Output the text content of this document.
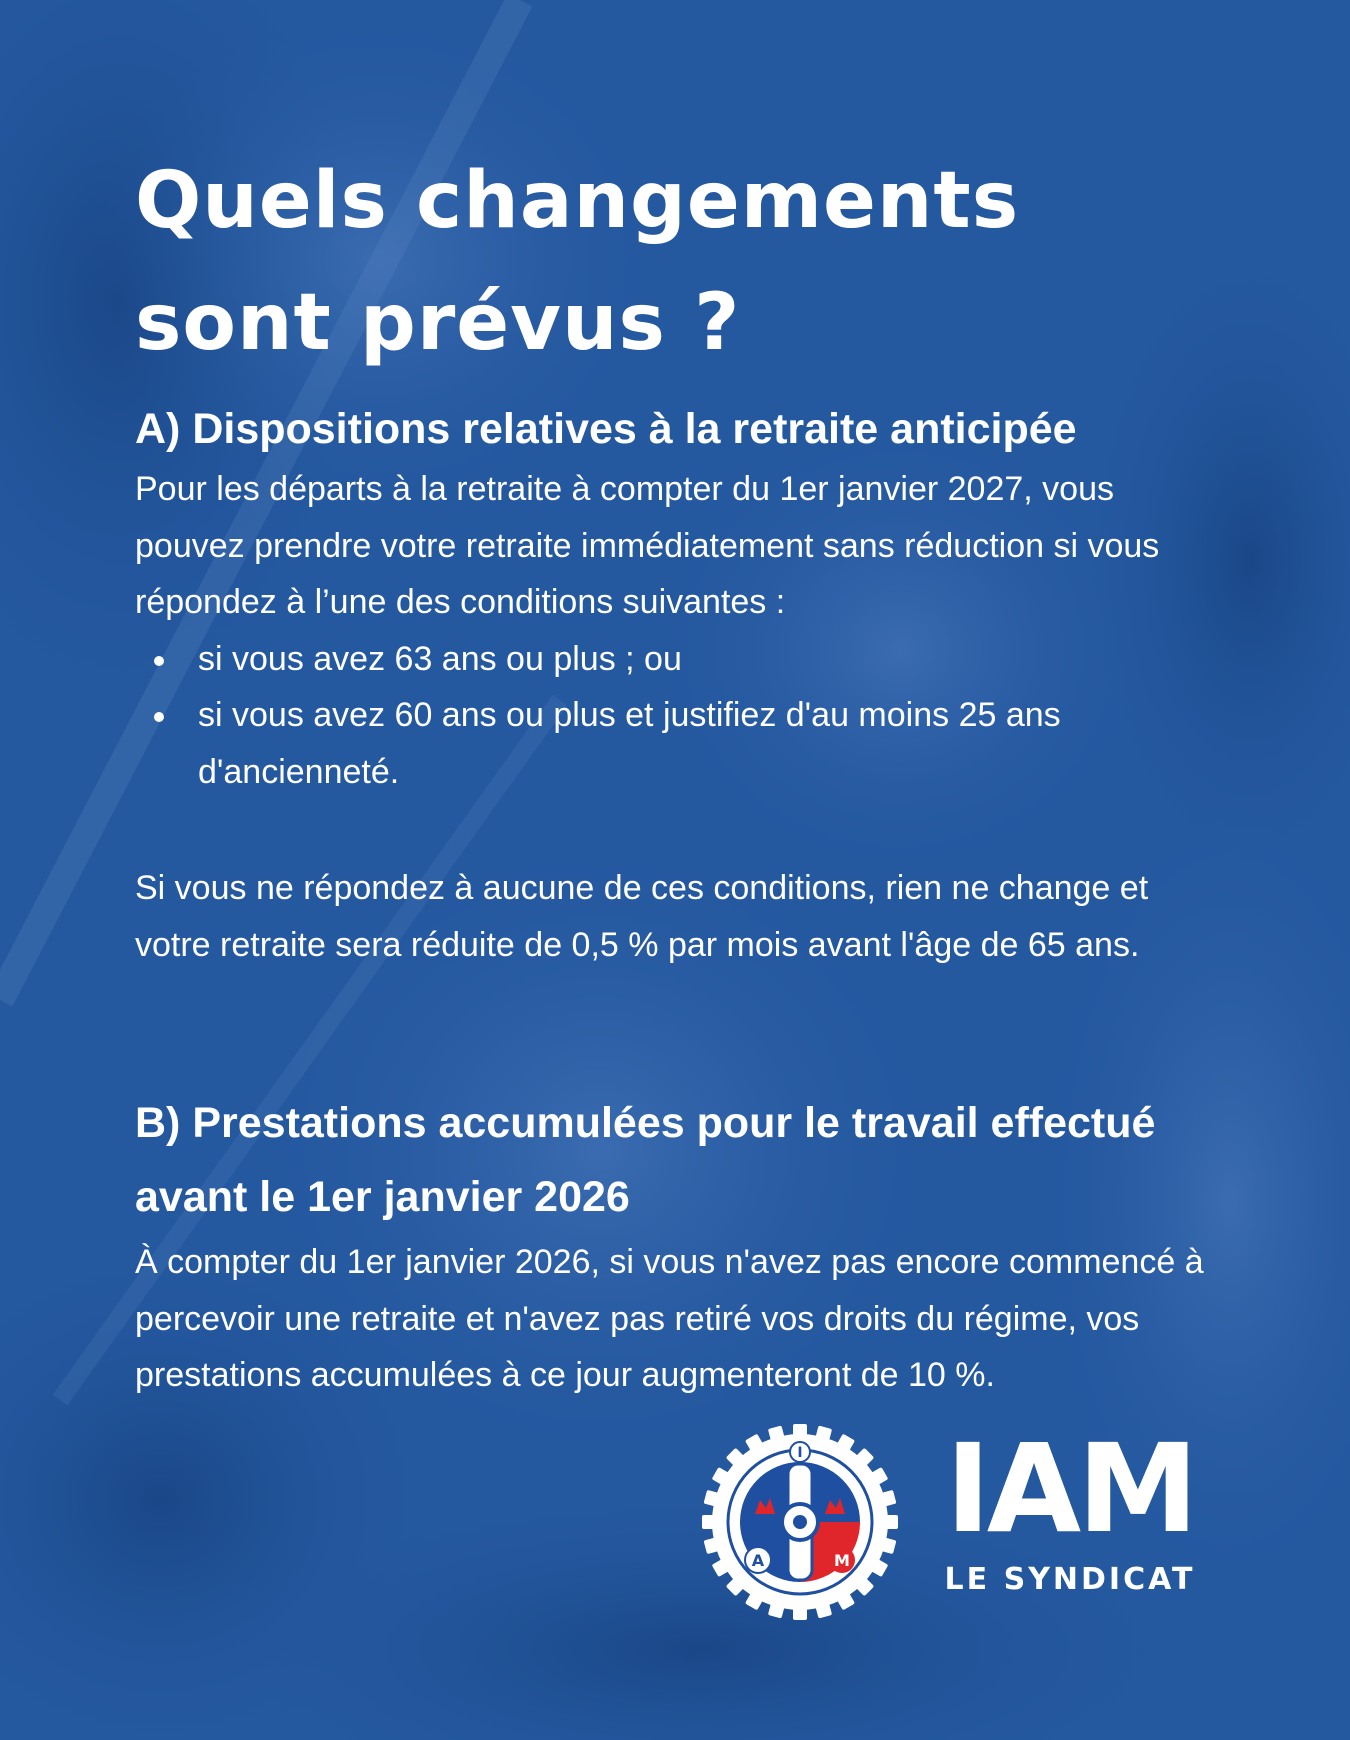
Quels changements
sont prévus ?
A) Dispositions relatives à la retraite anticipée

Pour les départs à la retraite à compter du 1er janvier 2027, vous pouvez prendre votre retraite immédiatement sans réduction si vous répondez à l’une des conditions suivantes :

si vous avez 63 ans ou plus ; ou
si vous avez 60 ans ou plus et justifiez d'au moins 25 ans d'ancienneté.

Si vous ne répondez à aucune de ces conditions, rien ne change et votre retraite sera réduite de 0,5 % par mois avant l'âge de 65 ans.

B) Prestations accumulées pour le travail effectué avant le 1er janvier 2026

À compter du 1er janvier 2026, si vous n'avez pas encore commencé à percevoir une retraite et n'avez pas retiré vos droits du régime, vos prestations accumulées à ce jour augmenteront de 10 %.

I
A	M
IAM
LE SYNDICAT
